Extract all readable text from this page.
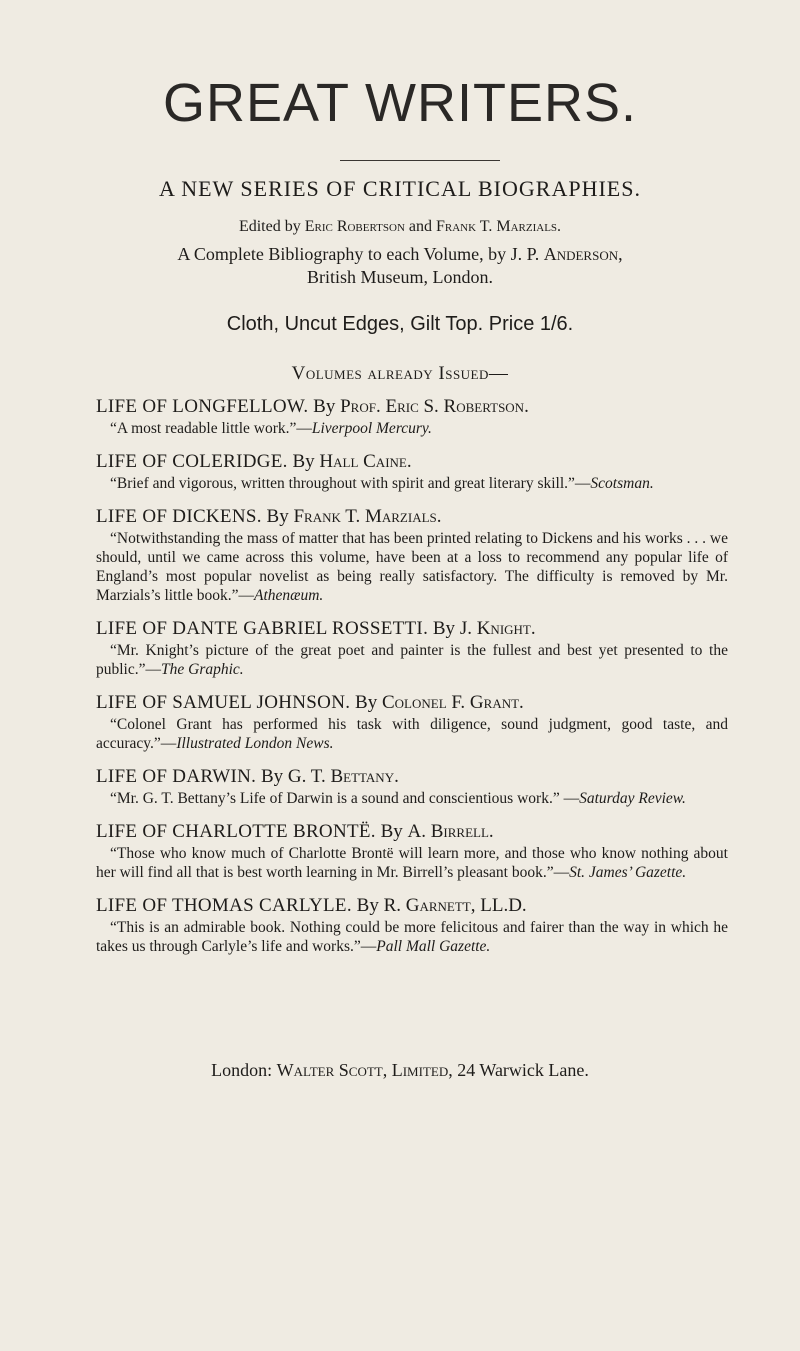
GREAT WRITERS.
A NEW SERIES OF CRITICAL BIOGRAPHIES.
Edited by Eric Robertson and Frank T. Marzials.
A Complete Bibliography to each Volume, by J. P. Anderson,
British Museum, London.
Cloth, Uncut Edges, Gilt Top. Price 1/6.
Volumes already Issued—
LIFE OF LONGFELLOW. By Prof. Eric S. Robertson.
“A most readable little work.”—Liverpool Mercury.
LIFE OF COLERIDGE. By Hall Caine.
“Brief and vigorous, written throughout with spirit and great literary skill.”—Scotsman.
LIFE OF DICKENS. By Frank T. Marzials.
“Notwithstanding the mass of matter that has been printed relating to Dickens and his works . . . we should, until we came across this volume, have been at a loss to recommend any popular life of England’s most popular novelist as being really satisfactory. The difficulty is removed by Mr. Marzials’s little book.”—Athenæum.
LIFE OF DANTE GABRIEL ROSSETTI. By J. Knight.
“Mr. Knight’s picture of the great poet and painter is the fullest and best yet presented to the public.”—The Graphic.
LIFE OF SAMUEL JOHNSON. By Colonel F. Grant.
“Colonel Grant has performed his task with diligence, sound judgment, good taste, and accuracy.”—Illustrated London News.
LIFE OF DARWIN. By G. T. Bettany.
“Mr. G. T. Bettany’s Life of Darwin is a sound and conscientious work.” —Saturday Review.
LIFE OF CHARLOTTE BRONTË. By A. Birrell.
“Those who know much of Charlotte Brontë will learn more, and those who know nothing about her will find all that is best worth learning in Mr. Birrell’s pleasant book.”—St. James’ Gazette.
LIFE OF THOMAS CARLYLE. By R. Garnett, LL.D.
“This is an admirable book. Nothing could be more felicitous and fairer than the way in which he takes us through Carlyle’s life and works.”—Pall Mall Gazette.
London: Walter Scott, Limited, 24 Warwick Lane.
